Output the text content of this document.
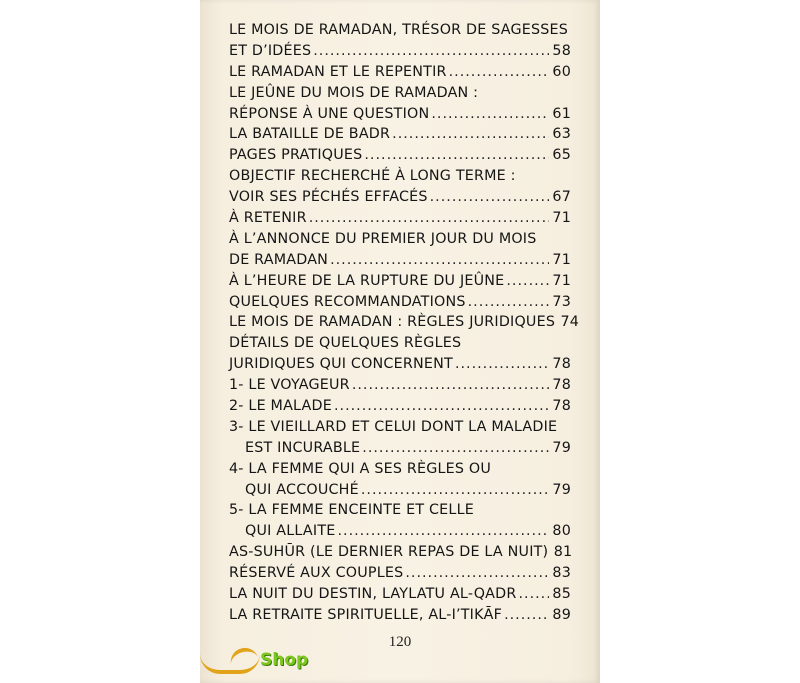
LE MOIS DE RAMADAN, TRÉSOR DE SAGESSES
ET D’IDÉES .....	58
LE RAMADAN ET LE REPENTIR .....	60
LE JEÛNE DU MOIS DE RAMADAN :
RÉPONSE À UNE QUESTION .....	61
LA BATAILLE DE BADR .....	63
PAGES PRATIQUES .....	65
OBJECTIF RECHERCHÉ À LONG TERME :
VOIR SES PÉCHÉS EFFACÉS .....	67
À RETENIR .....	71
À L’ANNONCE DU PREMIER JOUR DU MOIS
DE RAMADAN .....	71
À L’HEURE DE LA RUPTURE DU JEÛNE .....	71
QUELQUES RECOMMANDATIONS .....	73
LE MOIS DE RAMADAN : RÈGLES JURIDIQUES 74
DÉTAILS DE QUELQUES RÈGLES
JURIDIQUES QUI CONCERNENT .....	78
1- LE VOYAGEUR .....	78
2- LE MALADE .....	78
3- LE VIEILLARD ET CELUI DONT LA MALADIE
EST INCURABLE .....	79
4- LA FEMME QUI A SES RÈGLES OU
QUI ACCOUCHÉ .....	79
5- LA FEMME ENCEINTE ET CELLE
QUI ALLAITE .....	80
AS-SUHŪR (LE DERNIER REPAS DE LA NUIT) 81
RÉSERVÉ AUX COUPLES .....	83
LA NUIT DU DESTIN, LAYLATU AL-QADR .....	85
LA RETRAITE SPIRITUELLE, AL-I’TIKĀF .....	89
120
Shop
